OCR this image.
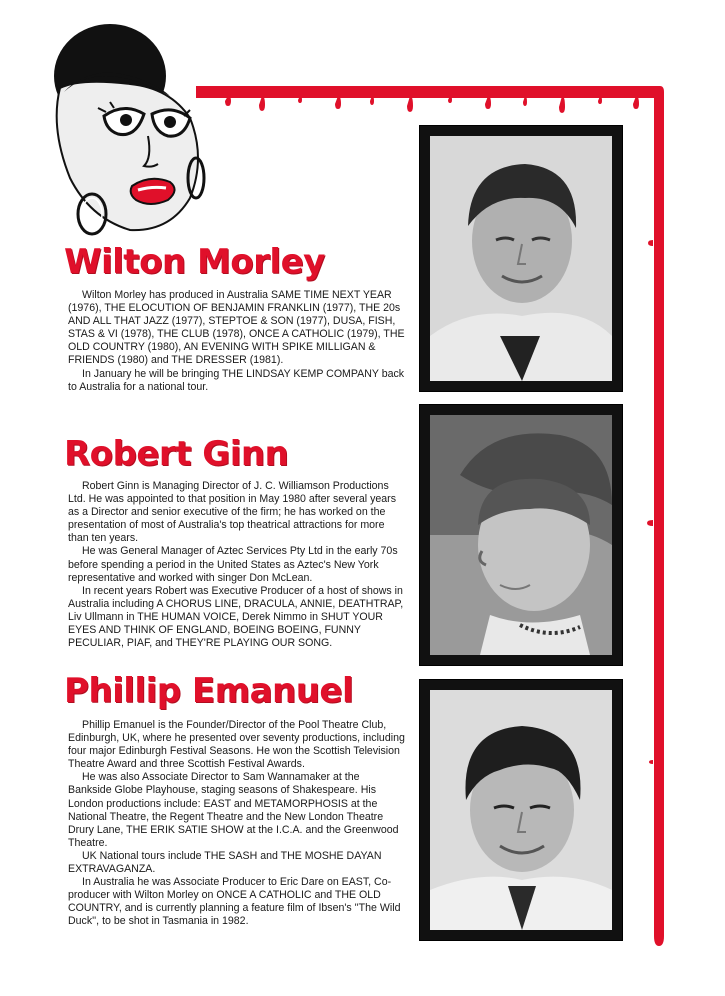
Wilton Morley

Wilton Morley has produced in Australia SAME TIME NEXT YEAR (1976), THE ELOCUTION OF BENJAMIN FRANKLIN (1977), THE 20s AND ALL THAT JAZZ (1977), STEPTOE & SON (1977), DUSA, FISH, STAS & VI (1978), THE CLUB (1978), ONCE A CATHOLIC (1979), THE OLD COUNTRY (1980), AN EVENING WITH SPIKE MILLIGAN & FRIENDS (1980) and THE DRESSER (1981).

In January he will be bringing THE LINDSAY KEMP COMPANY back to Australia for a national tour.

Robert Ginn

Robert Ginn is Managing Director of J. C. Williamson Productions Ltd. He was appointed to that position in May 1980 after several years as a Director and senior executive of the firm; he has worked on the presentation of most of Australia's top theatrical attractions for more than ten years.

He was General Manager of Aztec Services Pty Ltd in the early 70s before spending a period in the United States as Aztec's New York representative and worked with singer Don McLean.

In recent years Robert was Executive Producer of a host of shows in Australia including A CHORUS LINE, DRACULA, ANNIE, DEATHTRAP, Liv Ullmann in THE HUMAN VOICE, Derek Nimmo in SHUT YOUR EYES AND THINK OF ENGLAND, BOEING BOEING, FUNNY PECULIAR, PIAF, and THEY'RE PLAYING OUR SONG.

Phillip Emanuel

Phillip Emanuel is the Founder/Director of the Pool Theatre Club, Edinburgh, UK, where he presented over seventy productions, including four major Edinburgh Festival Seasons. He won the Scottish Television Theatre Award and three Scottish Festival Awards.

He was also Associate Director to Sam Wannamaker at the Bankside Globe Playhouse, staging seasons of Shakespeare. His London productions include: EAST and METAMORPHOSIS at the National Theatre, the Regent Theatre and the New London Theatre Drury Lane, THE ERIK SATIE SHOW at the I.C.A. and the Greenwood Theatre.

UK National tours include THE SASH and THE MOSHE DAYAN EXTRAVAGANZA.

In Australia he was Associate Producer to Eric Dare on EAST, Co-producer with Wilton Morley on ONCE A CATHOLIC and THE OLD COUNTRY, and is currently planning a feature film of Ibsen's ''The Wild Duck'', to be shot in Tasmania in 1982.
